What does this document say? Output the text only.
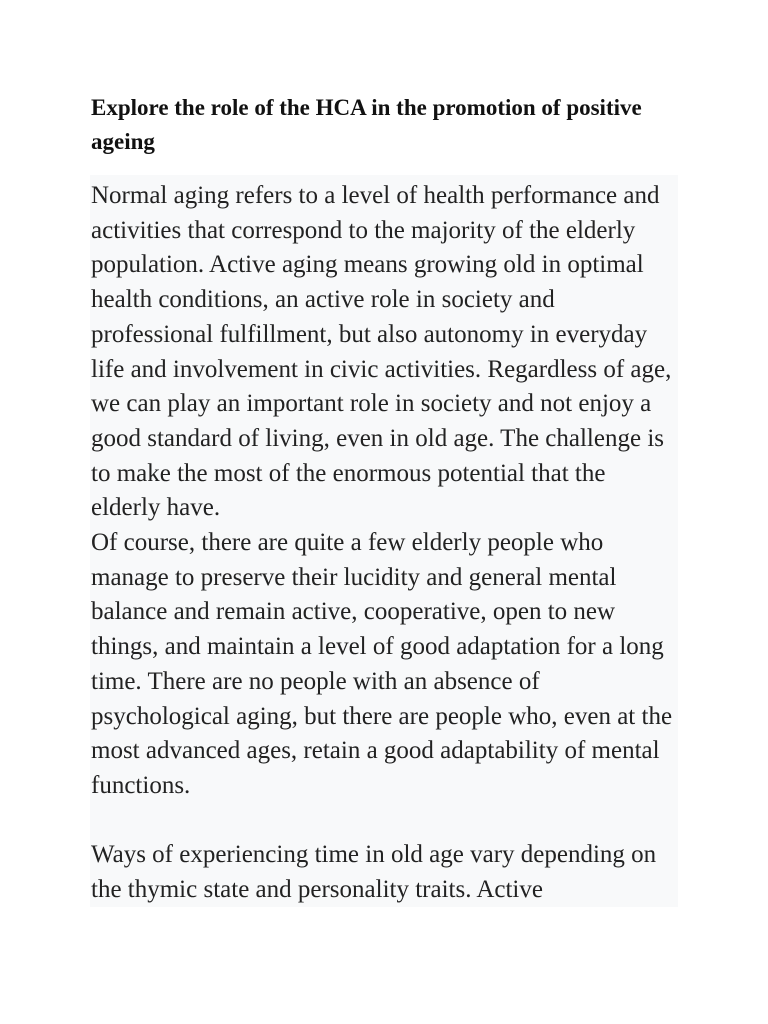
Explore the role of the HCA in the promotion of positive  ageing

Normal aging refers to a level of health performance and activities that correspond to the majority of the elderly population. Active aging means growing old in optimal health conditions, an active role in society and professional fulfillment, but also autonomy in everyday life and involvement in civic activities. Regardless of age, we can play an important role in society and not enjoy a good standard of living, even in old age. The challenge is to make the most of the enormous potential that the elderly have.

Of course, there are quite a few elderly people who manage to preserve their lucidity and general mental balance and remain active, cooperative, open to new things, and maintain a level of good adaptation for a long time. There are no people with an absence of psychological aging, but there are people who, even at the most advanced ages, retain a good adaptability of mental functions.

Ways of experiencing time in old age vary depending on the thymic state and personality traits. Active
